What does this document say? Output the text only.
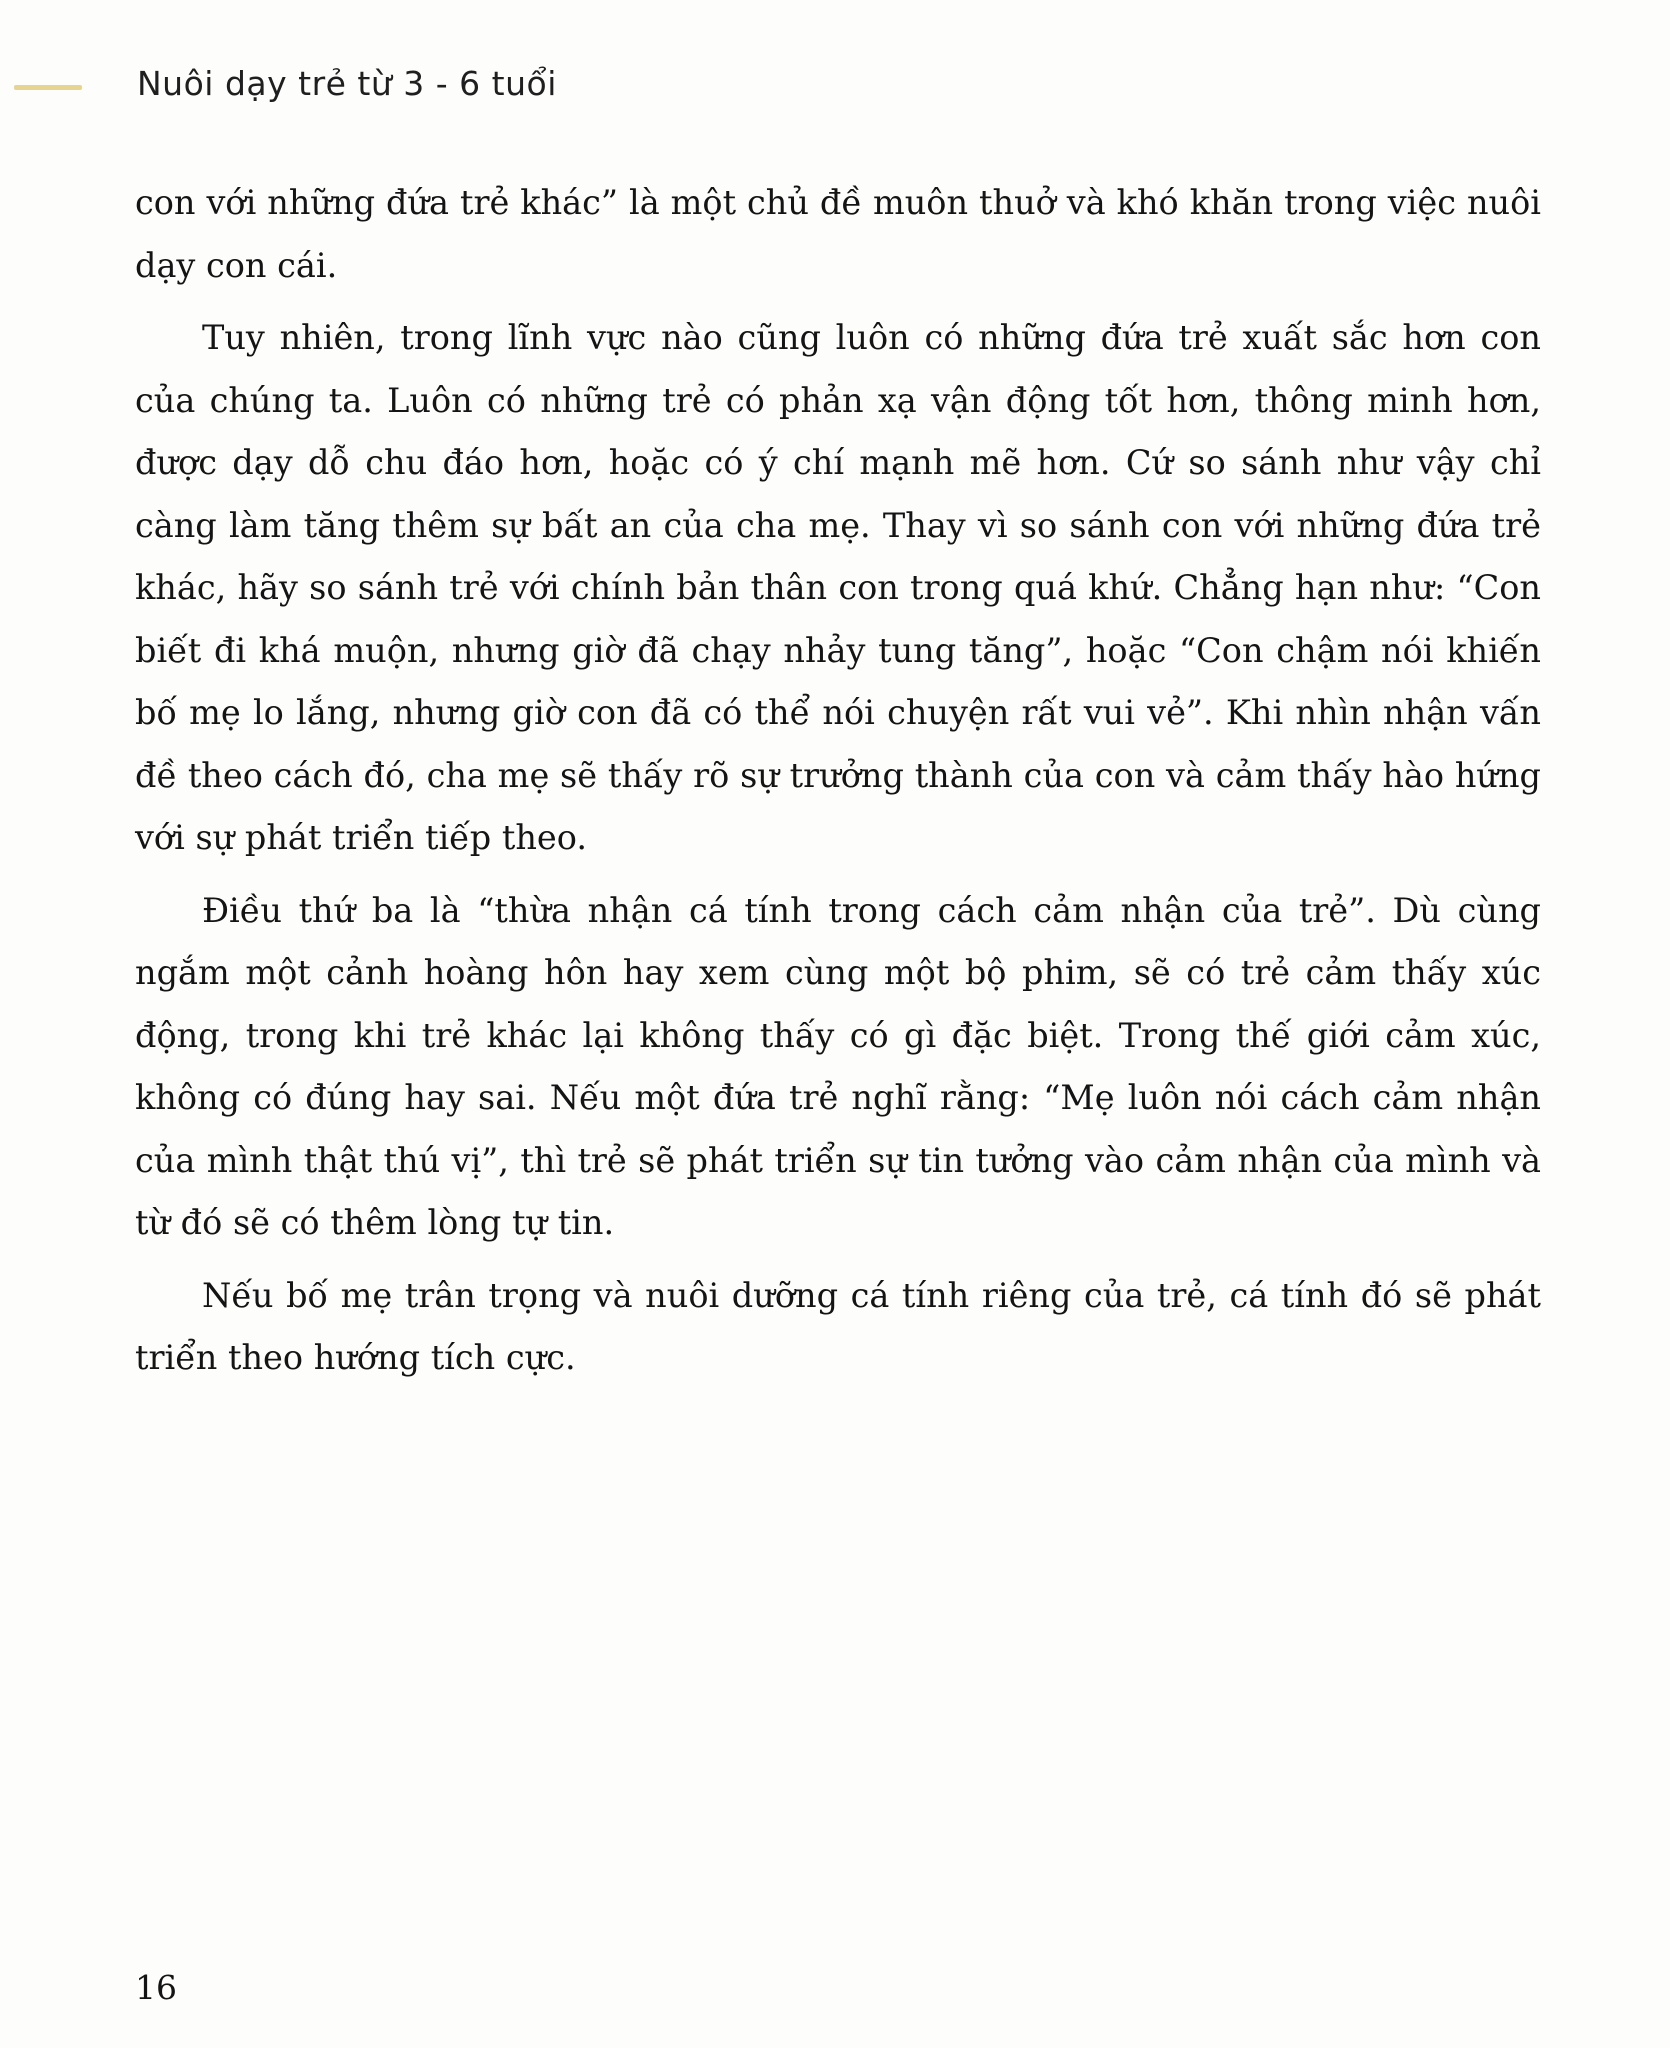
Nuôi dạy trẻ từ 3 - 6 tuổi

con với những đứa trẻ khác” là một chủ đề muôn thuở và khó khăn trong việc nuôi dạy con cái.

Tuy nhiên, trong lĩnh vực nào cũng luôn có những đứa trẻ xuất sắc hơn con của chúng ta. Luôn có những trẻ có phản xạ vận động tốt hơn, thông minh hơn, được dạy dỗ chu đáo hơn, hoặc có ý chí mạnh mẽ hơn. Cứ so sánh như vậy chỉ càng làm tăng thêm sự bất an của cha mẹ. Thay vì so sánh con với những đứa trẻ khác, hãy so sánh trẻ với chính bản thân con trong quá khứ. Chẳng hạn như: “Con biết đi khá muộn, nhưng giờ đã chạy nhảy tung tăng”, hoặc “Con chậm nói khiến bố mẹ lo lắng, nhưng giờ con đã có thể nói chuyện rất vui vẻ”. Khi nhìn nhận vấn đề theo cách đó, cha mẹ sẽ thấy rõ sự trưởng thành của con và cảm thấy hào hứng với sự phát triển tiếp theo.

Điều thứ ba là “thừa nhận cá tính trong cách cảm nhận của trẻ”. Dù cùng ngắm một cảnh hoàng hôn hay xem cùng một bộ phim, sẽ có trẻ cảm thấy xúc động, trong khi trẻ khác lại không thấy có gì đặc biệt. Trong thế giới cảm xúc, không có đúng hay sai. Nếu một đứa trẻ nghĩ rằng: “Mẹ luôn nói cách cảm nhận của mình thật thú vị”, thì trẻ sẽ phát triển sự tin tưởng vào cảm nhận của mình và từ đó sẽ có thêm lòng tự tin.

Nếu bố mẹ trân trọng và nuôi dưỡng cá tính riêng của trẻ, cá tính đó sẽ phát triển theo hướng tích cực.

16
